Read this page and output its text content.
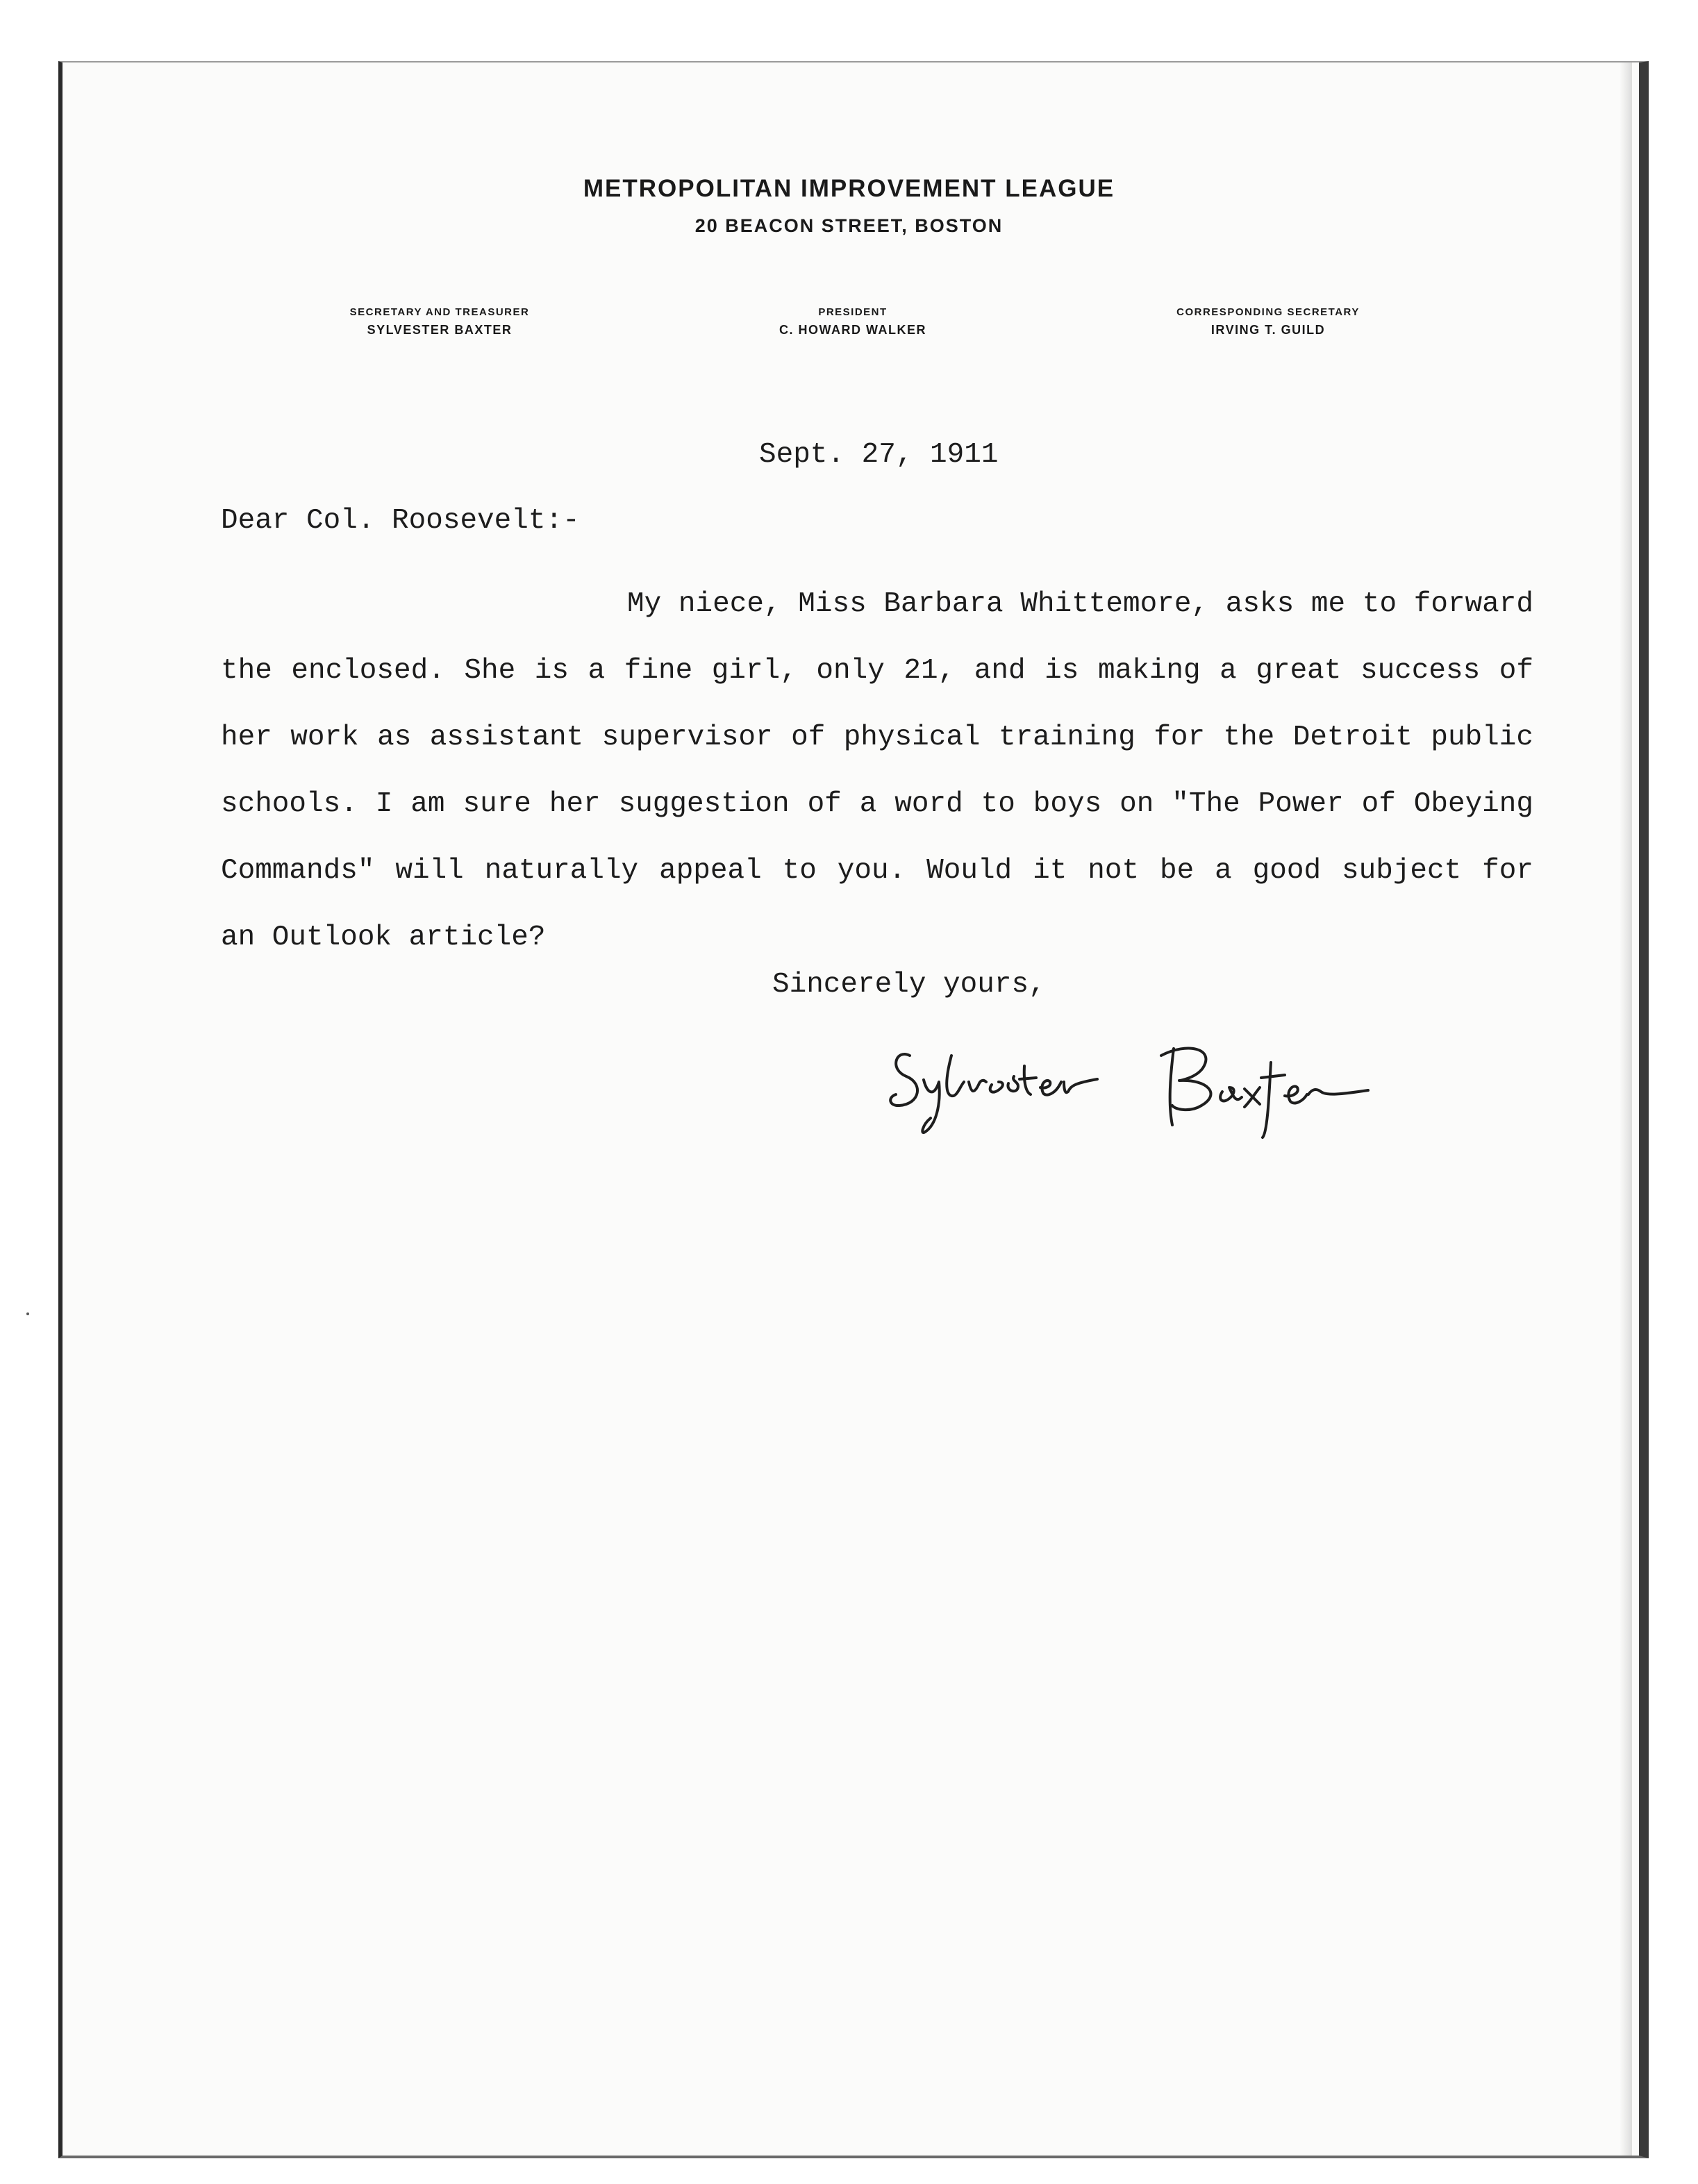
METROPOLITAN IMPROVEMENT LEAGUE
20 BEACON STREET, BOSTON
SECRETARY AND TREASURER
SYLVESTER BAXTER
PRESIDENT
C. HOWARD WALKER
CORRESPONDING SECRETARY
IRVING T. GUILD
Sept. 27, 1911
Dear Col. Roosevelt:-
My niece, Miss Barbara Whittemore, asks me to forward the enclosed. She is a fine girl, only 21, and is making a great success of her work as assistant supervisor of physical training for the Detroit public schools. I am sure her suggestion of a word to boys on "The Power of Obeying Commands" will naturally appeal to you. Would it not be a good subject for an Outlook article?
Sincerely yours,
